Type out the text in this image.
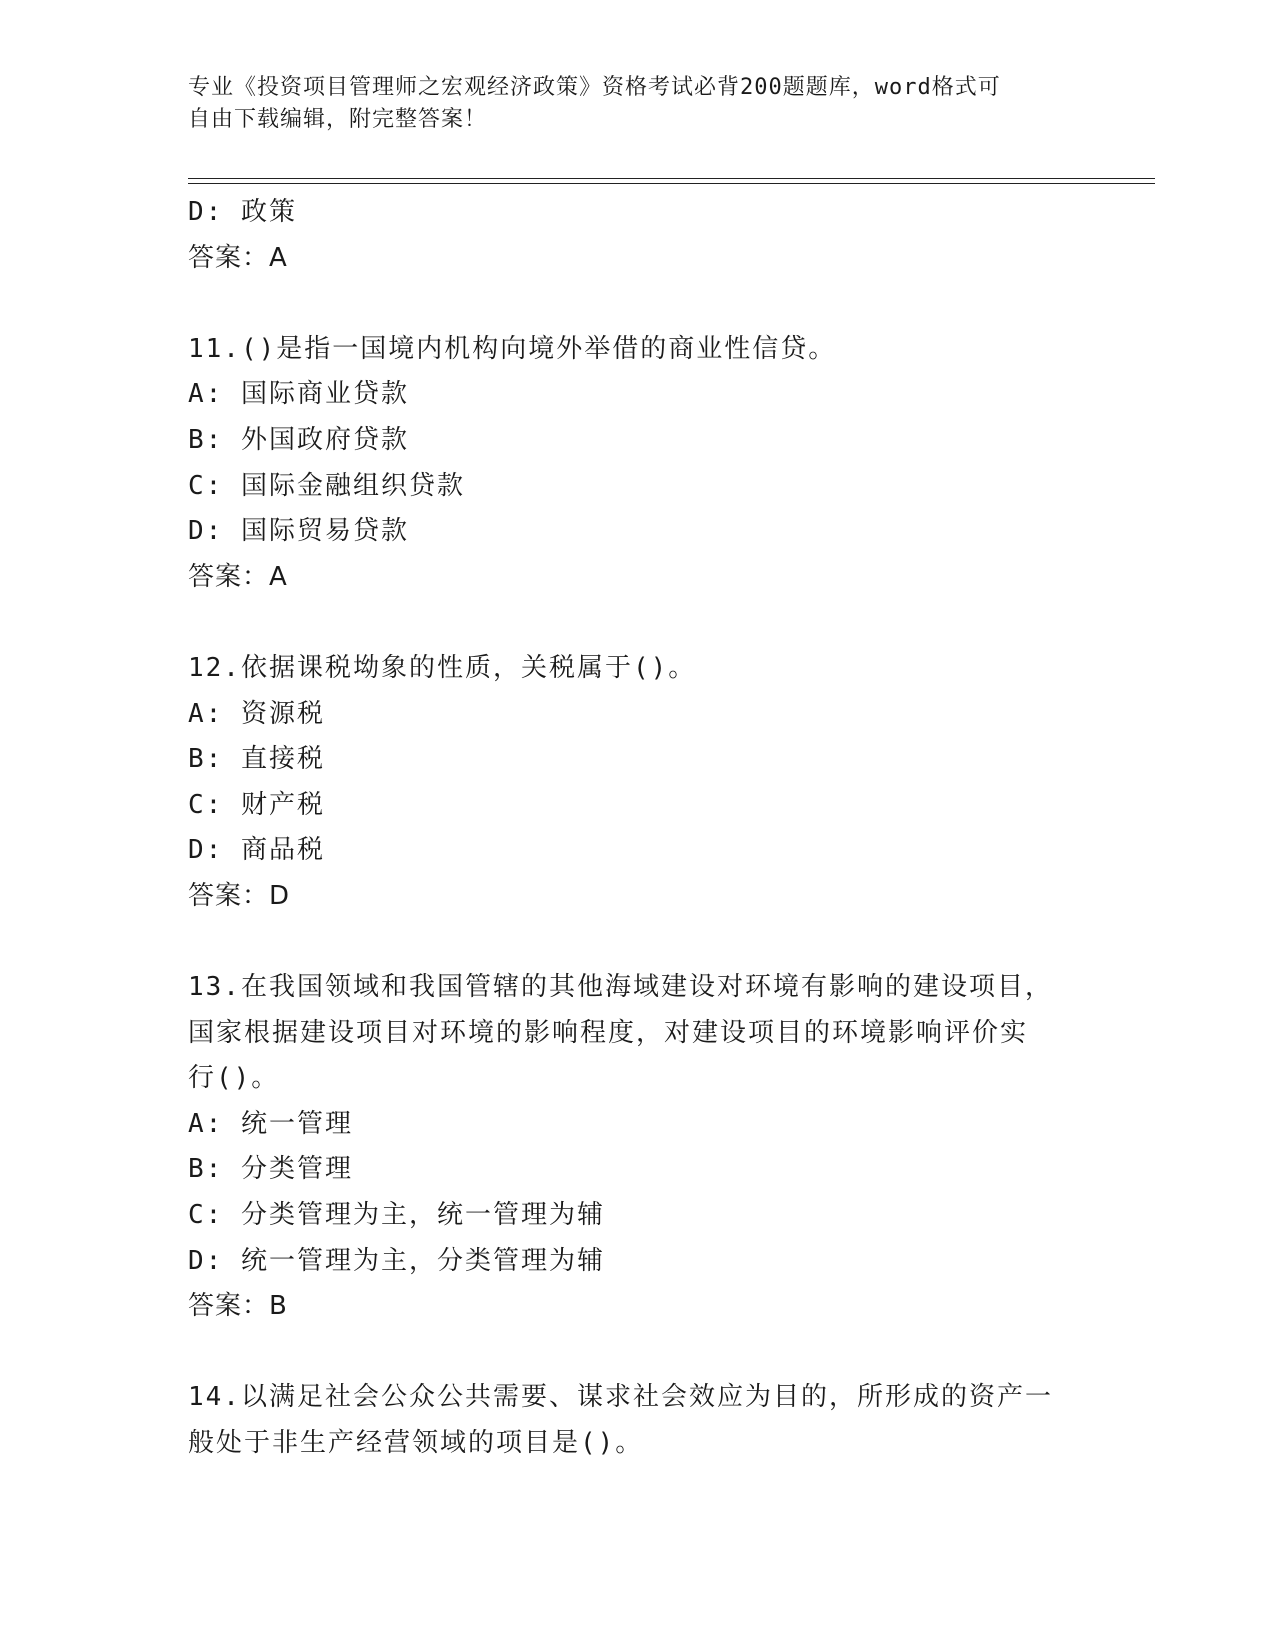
专业《投资项目管理师之宏观经济政策》资格考试必背200题题库，word格式可
自由下载编辑，附完整答案！
D: 政策
答案：A
11.()是指一国境内机构向境外举借的商业性信贷。
A: 国际商业贷款
B: 外国政府贷款
C: 国际金融组织贷款
D: 国际贸易贷款
答案：A
12.依据课税坳象的性质，关税属于()。
A: 资源税
B: 直接税
C: 财产税
D: 商品税
答案：D
13.在我国领域和我国管辖的其他海域建设对环境有影响的建设项目，
国家根据建设项目对环境的影响程度，对建设项目的环境影响评价实
行()。
A: 统一管理
B: 分类管理
C: 分类管理为主，统一管理为辅
D: 统一管理为主，分类管理为辅
答案：B
14.以满足社会公众公共需要、谋求社会效应为目的，所形成的资产一
般处于非生产经营领域的项目是()。
